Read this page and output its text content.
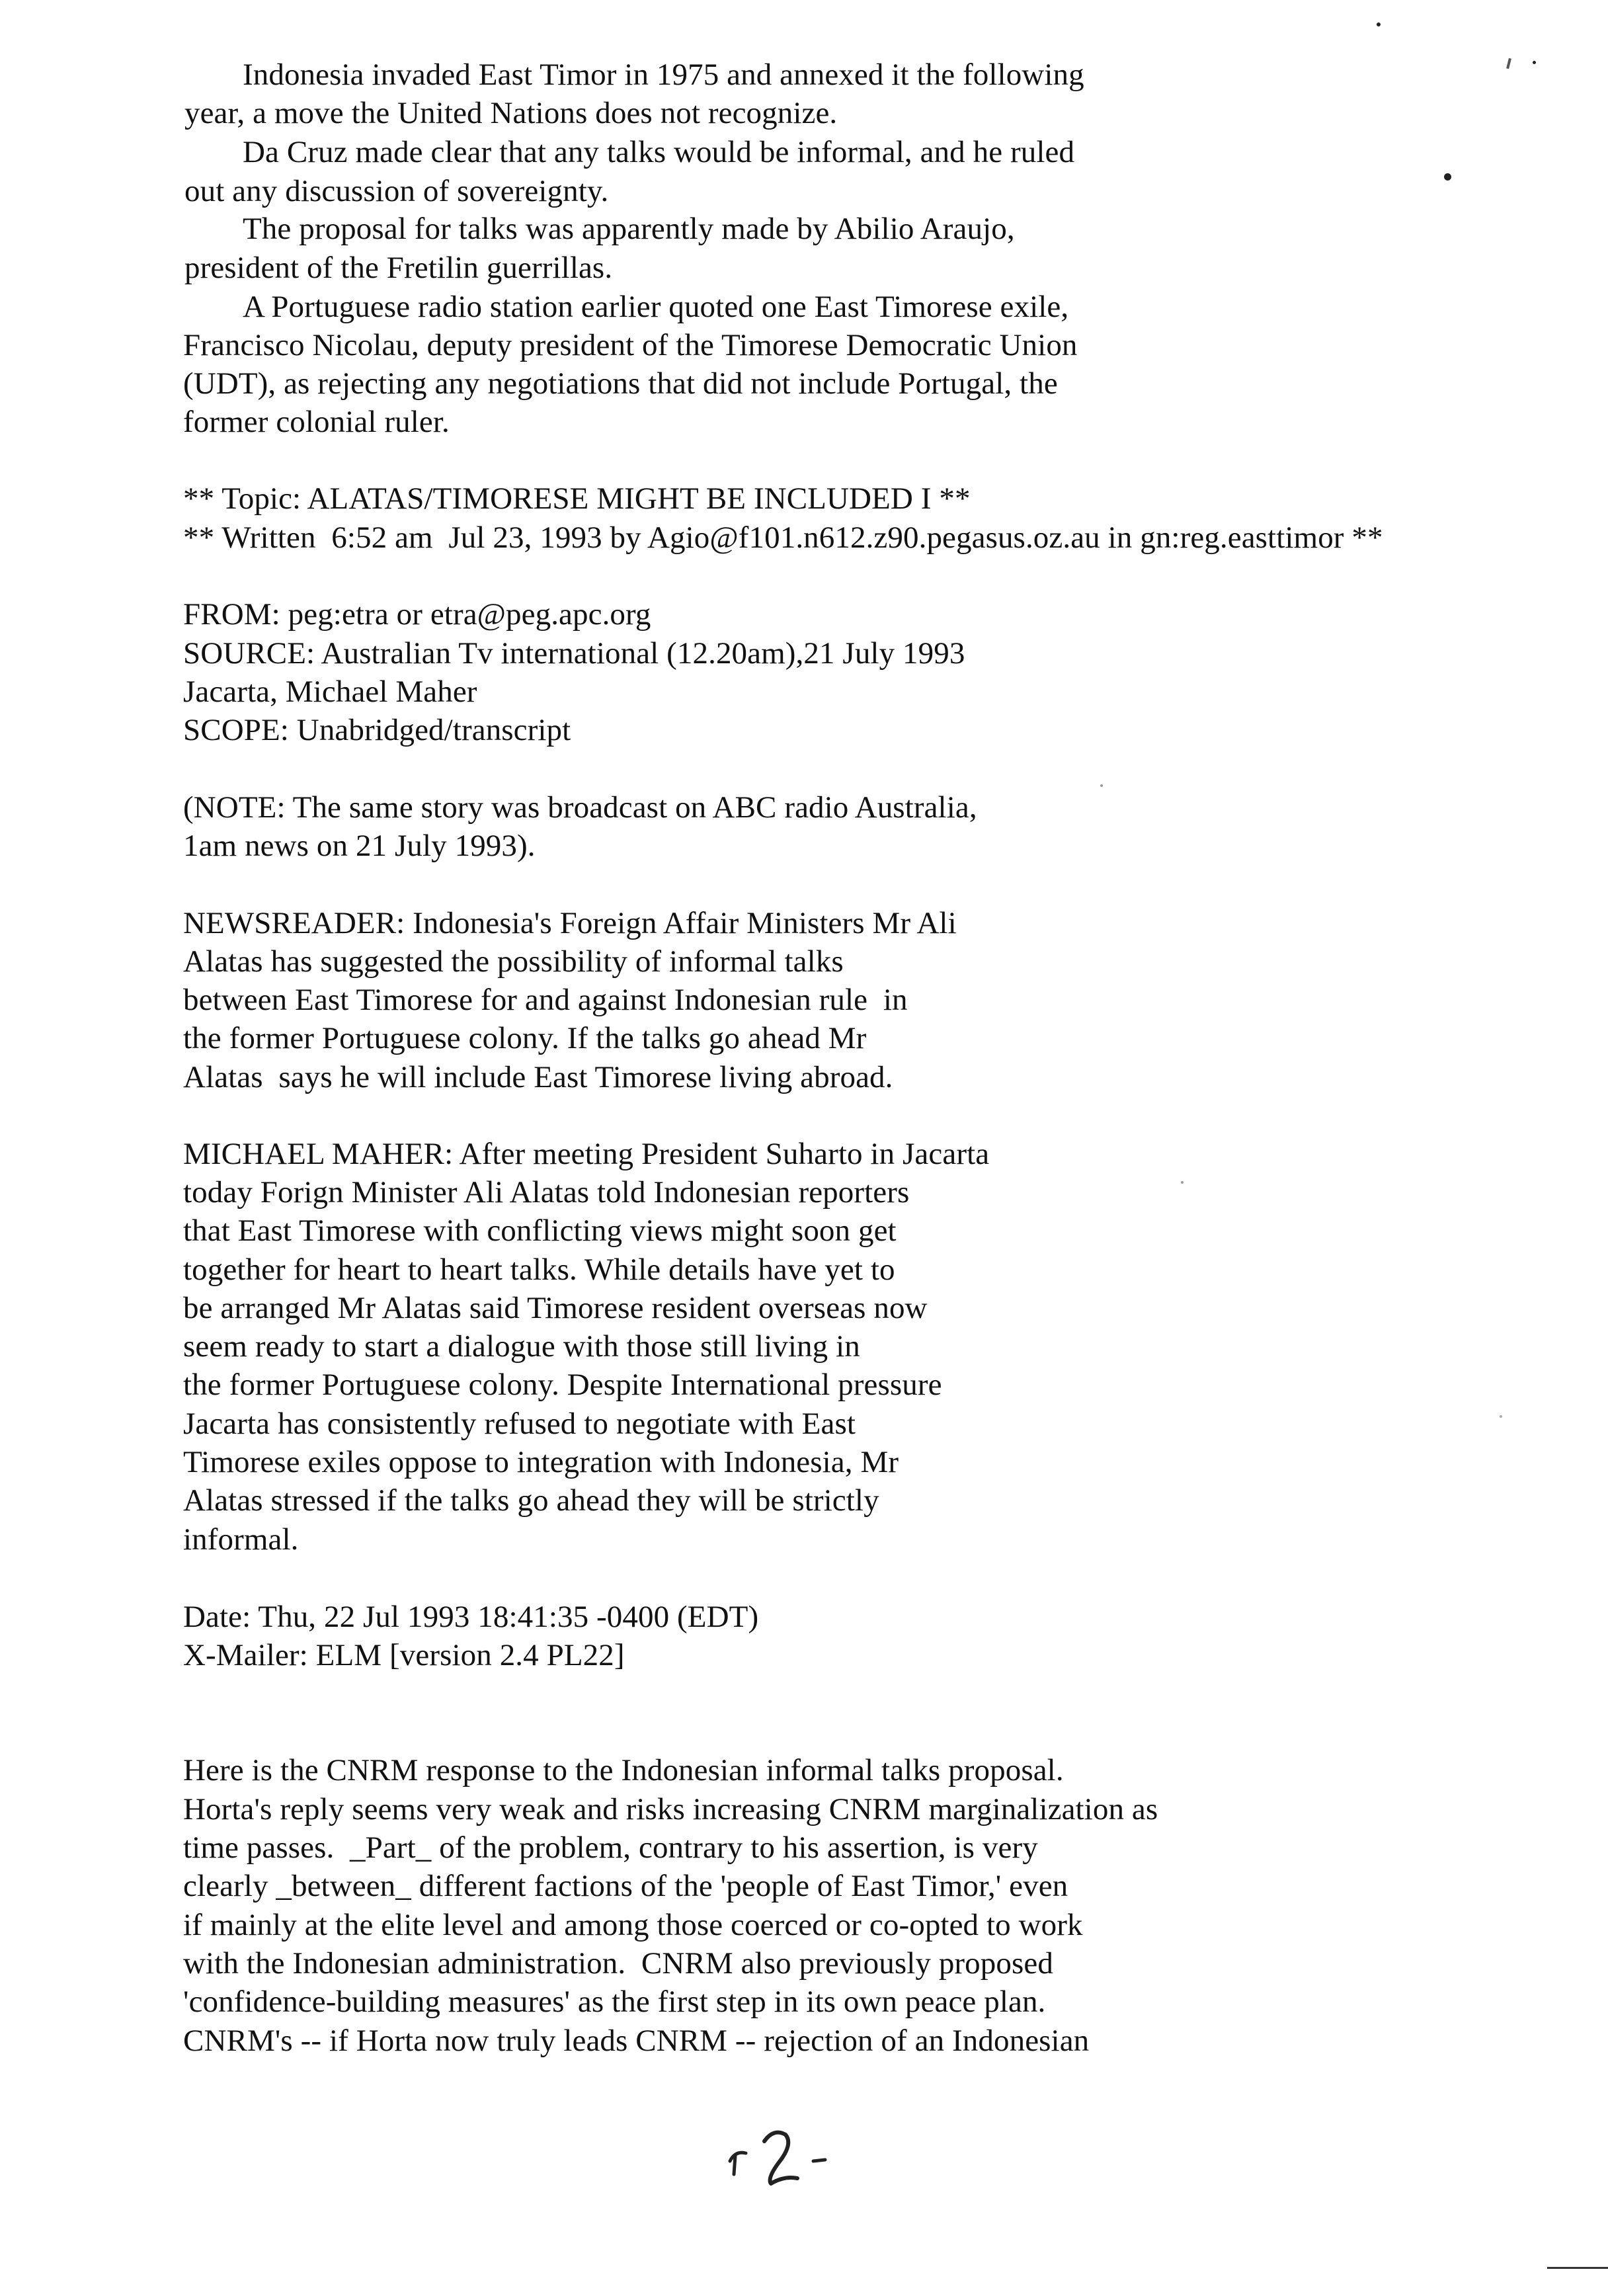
Indonesia invaded East Timor in 1975 and annexed it the following
year, a move the United Nations does not recognize.
Da Cruz made clear that any talks would be informal, and he ruled
out any discussion of sovereignty.
The proposal for talks was apparently made by Abilio Araujo,
president of the Fretilin guerrillas.
A Portuguese radio station earlier quoted one East Timorese exile,
Francisco Nicolau, deputy president of the Timorese Democratic Union
(UDT), as rejecting any negotiations that did not include Portugal, the
former colonial ruler.
** Topic: ALATAS/TIMORESE MIGHT BE INCLUDED I **
** Written  6:52 am  Jul 23, 1993 by Agio@f101.n612.z90.pegasus.oz.au in gn:reg.easttimor **
FROM: peg:etra or etra@peg.apc.org
SOURCE: Australian Tv international (12.20am),21 July 1993
Jacarta, Michael Maher
SCOPE: Unabridged/transcript
(NOTE: The same story was broadcast on ABC radio Australia,
1am news on 21 July 1993).
NEWSREADER: Indonesia's Foreign Affair Ministers Mr Ali
Alatas has suggested the possibility of informal talks
between East Timorese for and against Indonesian rule  in
the former Portuguese colony. If the talks go ahead Mr
Alatas  says he will include East Timorese living abroad.
MICHAEL MAHER: After meeting President Suharto in Jacarta
today Forign Minister Ali Alatas told Indonesian reporters
that East Timorese with conflicting views might soon get
together for heart to heart talks. While details have yet to
be arranged Mr Alatas said Timorese resident overseas now
seem ready to start a dialogue with those still living in
the former Portuguese colony. Despite International pressure
Jacarta has consistently refused to negotiate with East
Timorese exiles oppose to integration with Indonesia, Mr
Alatas stressed if the talks go ahead they will be strictly
informal.
Date: Thu, 22 Jul 1993 18:41:35 -0400 (EDT)
X-Mailer: ELM [version 2.4 PL22]
Here is the CNRM response to the Indonesian informal talks proposal.
Horta's reply seems very weak and risks increasing CNRM marginalization as
time passes.  _Part_ of the problem, contrary to his assertion, is very
clearly _between_ different factions of the 'people of East Timor,' even
if mainly at the elite level and among those coerced or co-opted to work
with the Indonesian administration.  CNRM also previously proposed
'confidence-building measures' as the first step in its own peace plan.
CNRM's -- if Horta now truly leads CNRM -- rejection of an Indonesian
